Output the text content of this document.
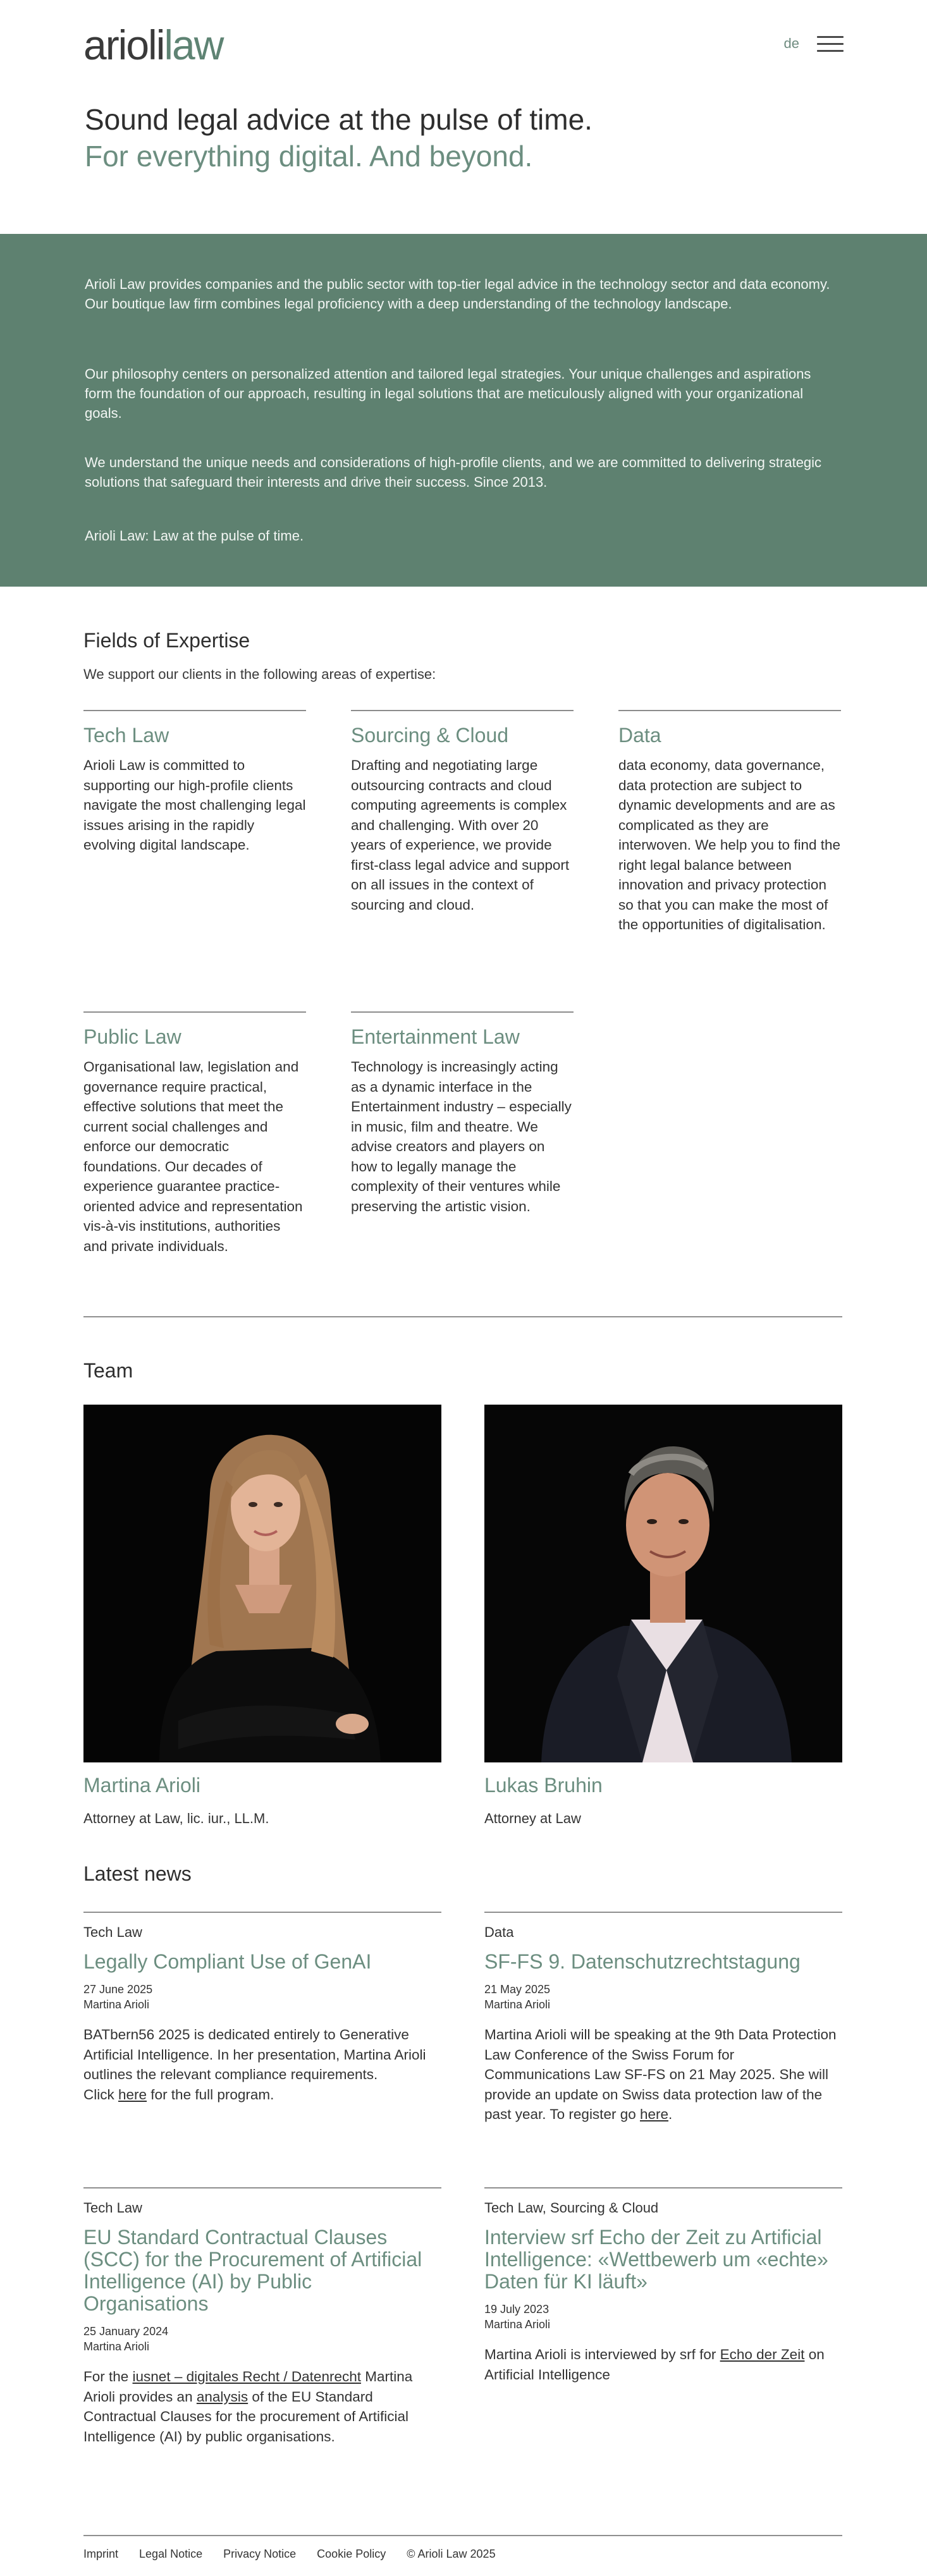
ariolilaw	de
Sound legal advice at the pulse of time.
For everything digital. And beyond.

Arioli Law provides companies and the public sector with top-tier legal advice in the technology sector and data economy. Our boutique law firm combines legal proficiency with a deep understanding of the technology landscape.

Our philosophy centers on personalized attention and tailored legal strategies. Your unique challenges and aspirations form the foundation of our approach, resulting in legal solutions that are meticulously aligned with your organizational goals.

We understand the unique needs and considerations of high-profile clients, and we are committed to delivering strategic solutions that safeguard their interests and drive their success. Since 2013.

Arioli Law: Law at the pulse of time.

Fields of Expertise
We support our clients in the following areas of expertise:
Tech Law

Arioli Law is committed to supporting our high-profile clients navigate the most challenging legal issues arising in the rapidly evolving digital landscape.

Sourcing & Cloud

Drafting and negotiating large outsourcing contracts and cloud computing agreements is complex and challenging. With over 20 years of experience, we provide first-class legal advice and support on all issues in the context of sourcing and cloud.

Data

data economy, data governance, data protection are subject to dynamic developments and are as complicated as they are interwoven. We help you to find the right legal balance between innovation and privacy protection so that you can make the most of the opportunities of digitalisation.

Public Law

Organisational law, legislation and governance require practical, effective solutions that meet the current social challenges and enforce our democratic foundations. Our decades of experience guarantee practice-oriented advice and representation vis-à-vis institutions, authorities and private individuals.

Entertainment Law

Technology is increasingly acting as a dynamic interface in the Entertainment industry – especially in music, film and theatre. We advise creators and players on how to legally manage the complexity of their ventures while preserving the artistic vision.

Team
Martina Arioli
Attorney at Law, lic. iur., LL.M.
Lukas Bruhin
Attorney at Law
Latest news
Tech Law
Legally Compliant Use of GenAI
27 June 2025
Martina Arioli
BATbern56 2025 is dedicated entirely to Generative Artificial Intelligence. In her presentation, Martina Arioli outlines the relevant compliance requirements.
Click here for the full program.
Data
SF-FS 9. Datenschutzrechtstagung
21 May 2025
Martina Arioli
Martina Arioli will be speaking at the 9th Data Protection Law Conference of the Swiss Forum for Communications Law SF-FS on 21 May 2025. She will provide an update on Swiss data protection law of the past year. To register go here.
Tech Law
EU Standard Contractual Clauses (SCC) for the Procurement of Artificial Intelligence (AI) by Public Organisations
25 January 2024
Martina Arioli
For the iusnet – digitales Recht / Datenrecht Martina Arioli provides an analysis of the EU Standard Contractual Clauses for the procurement of Artificial Intelligence (AI) by public organisations.
Tech Law, Sourcing & Cloud
Interview srf Echo der Zeit zu Artificial Intelligence: «Wettbewerb um «echte» Daten für KI läuft»
19 July 2023
Martina Arioli
Martina Arioli is interviewed by srf for Echo der Zeit on Artificial Intelligence
Imprint Legal Notice Privacy Notice Cookie Policy © Arioli Law 2025
